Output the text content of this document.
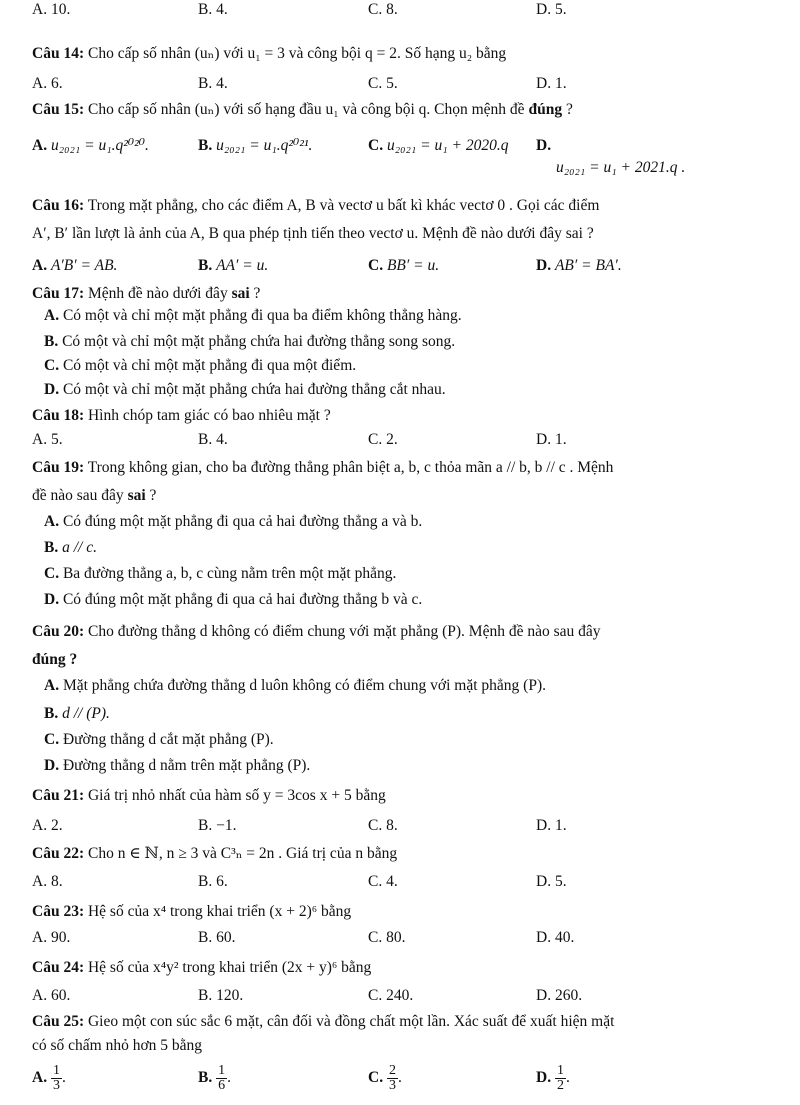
A. 10.	B. 4.	C. 8.	D. 5.
Câu 14: Cho cấp số nhân (uₙ) với u₁ = 3 và công bội q = 2. Số hạng u₂ bằng
A. 6.	B. 4.	C. 5.	D. 1.
Câu 15: Cho cấp số nhân (uₙ) với số hạng đầu u₁ và công bội q. Chọn mệnh đề đúng ?
A. u₂₀₂₁ = u₁.q²⁰²⁰.	B. u₂₀₂₁ = u₁.q²⁰²¹.	C. u₂₀₂₁ = u₁ + 2020.q D.
u₂₀₂₁ = u₁ + 2021.q .
Câu 16: Trong mặt phẳng, cho các điểm A, B và vectơ u bất kì khác vectơ 0 . Gọi các điểm
A′, B′ lần lượt là ảnh của A, B qua phép tịnh tiến theo vectơ u. Mệnh đề nào dưới đây sai ?
A. A′B′ = AB.	B. AA′ = u.	C. BB′ = u.	D. AB′ = BA′.
Câu 17: Mệnh đề nào dưới đây sai ?
A. Có một và chỉ một mặt phẳng đi qua ba điểm không thẳng hàng.
B. Có một và chỉ một mặt phẳng chứa hai đường thẳng song song.
C. Có một và chỉ một mặt phẳng đi qua một điểm.
D. Có một và chỉ một mặt phẳng chứa hai đường thẳng cắt nhau.
Câu 18: Hình chóp tam giác có bao nhiêu mặt ?
A. 5.	B. 4.	C. 2.	D. 1.
Câu 19: Trong không gian, cho ba đường thẳng phân biệt a, b, c thỏa mãn a // b, b // c . Mệnh
đề nào sau đây sai ?
A. Có đúng một mặt phẳng đi qua cả hai đường thẳng a và b.
B. a // c.
C. Ba đường thẳng a, b, c cùng nằm trên một mặt phẳng.
D. Có đúng một mặt phẳng đi qua cả hai đường thẳng b và c.
Câu 20: Cho đường thẳng d không có điểm chung với mặt phẳng (P). Mệnh đề nào sau đây
đúng ?
A. Mặt phẳng chứa đường thẳng d luôn không có điểm chung với mặt phẳng (P).
B. d // (P).
C. Đường thẳng d cắt mặt phẳng (P).
D. Đường thẳng d nằm trên mặt phẳng (P).
Câu 21: Giá trị nhỏ nhất của hàm số y = 3cos x + 5 bằng
A. 2.	B. −1.	C. 8.	D. 1.
Câu 22: Cho n ∈ ℕ, n ≥ 3 và C³ₙ = 2n . Giá trị của n bằng
A. 8.	B. 6.	C. 4.	D. 5.
Câu 23: Hệ số của x⁴ trong khai triển (x + 2)⁶ bằng
A. 90.	B. 60.	C. 80.	D. 40.
Câu 24: Hệ số của x⁴y² trong khai triển (2x + y)⁶ bằng
A. 60.	B. 120.	C. 240.	D. 260.
Câu 25: Gieo một con súc sắc 6 mặt, cân đối và đồng chất một lần. Xác suất để xuất hiện mặt
có số chấm nhỏ hơn 5 bằng
A. $\frac{1}{3}$ .	B. $\frac{1}{6}$ .	C. $\frac{2}{3}$ .	D. $\frac{1}{2}$ .
